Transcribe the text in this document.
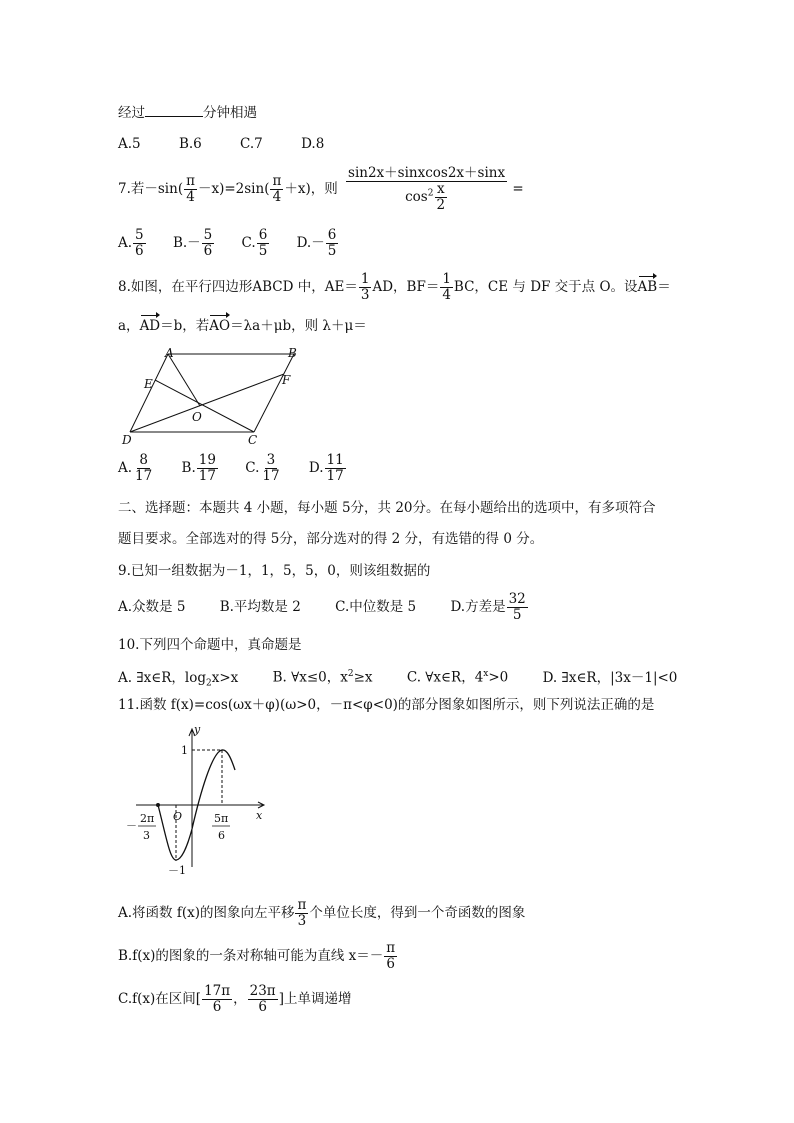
经过	分钟相遇
A.5	B.6	C.7	D.8
7.若$-\sin( \frac{\pi}{4} -x)=2\sin( \frac{\pi}{4} +x)$，则 $\frac{\text{sin2x＋sinxcos2x＋sinx}}{\cos^2 \frac{x}{2}}$ =
A. $\frac{5}{6} B.- \frac{5}{6} C$. $\frac{6}{5} D.- \frac{6}{5}$
8.如图，在平行四边形ABCD 中，$AE= \frac{1}{3}$ AD，$BF= \frac{1}{4}$ BC，CE 与 DF 交于点 O。设AB＝
a，AD＝b，若AO＝λa＋μb，则 λ＋μ＝
A	B
E	F
O
D	C
A. $\frac{8}{17} B$. $\frac{19}{17} C$. $\frac{3}{17} D$. $\frac{11}{17}$
二、选择题：本题共 4 小题，每小题 5分，共 20分。在每小题给出的选项中，有多项符合
题目要求。全部选对的得 5分，部分选对的得 2 分，有选错的得 0 分。
9.已知一组数据为－1，1，5，5，0，则该组数据的
A.众数是 5	B.平均数是 2	C.中位数是 5	D.方差是 $\frac{32}{5}$
10.下列四个命题中，真命题是
A. ∃x∈R，$\log_2x>x$	B. ∀x≤0，$x^2\ge x$	C. ∀x∈R，$4^x>0$	D. ∃x∈R，|3x－1|<0
11.函数 f(x)=cos(ωx＋φ)(ω>0，－π<φ<0)的部分图象如图所示，则下列说法正确的是
y
x
O
1
－1
－
2π
3
5π
6
A.将函数 f(x)的图象向左平移 $\frac{\pi}{3}$ 个单位长度，得到一个奇函数的图象
B.f(x)的图象的一条对称轴可能为直线 $x=- \frac{\pi}{6}$
C.f(x)在区间[ $\frac{17\pi}{6}$ ， $\frac{23\pi}{6}$ ]上单调递增
